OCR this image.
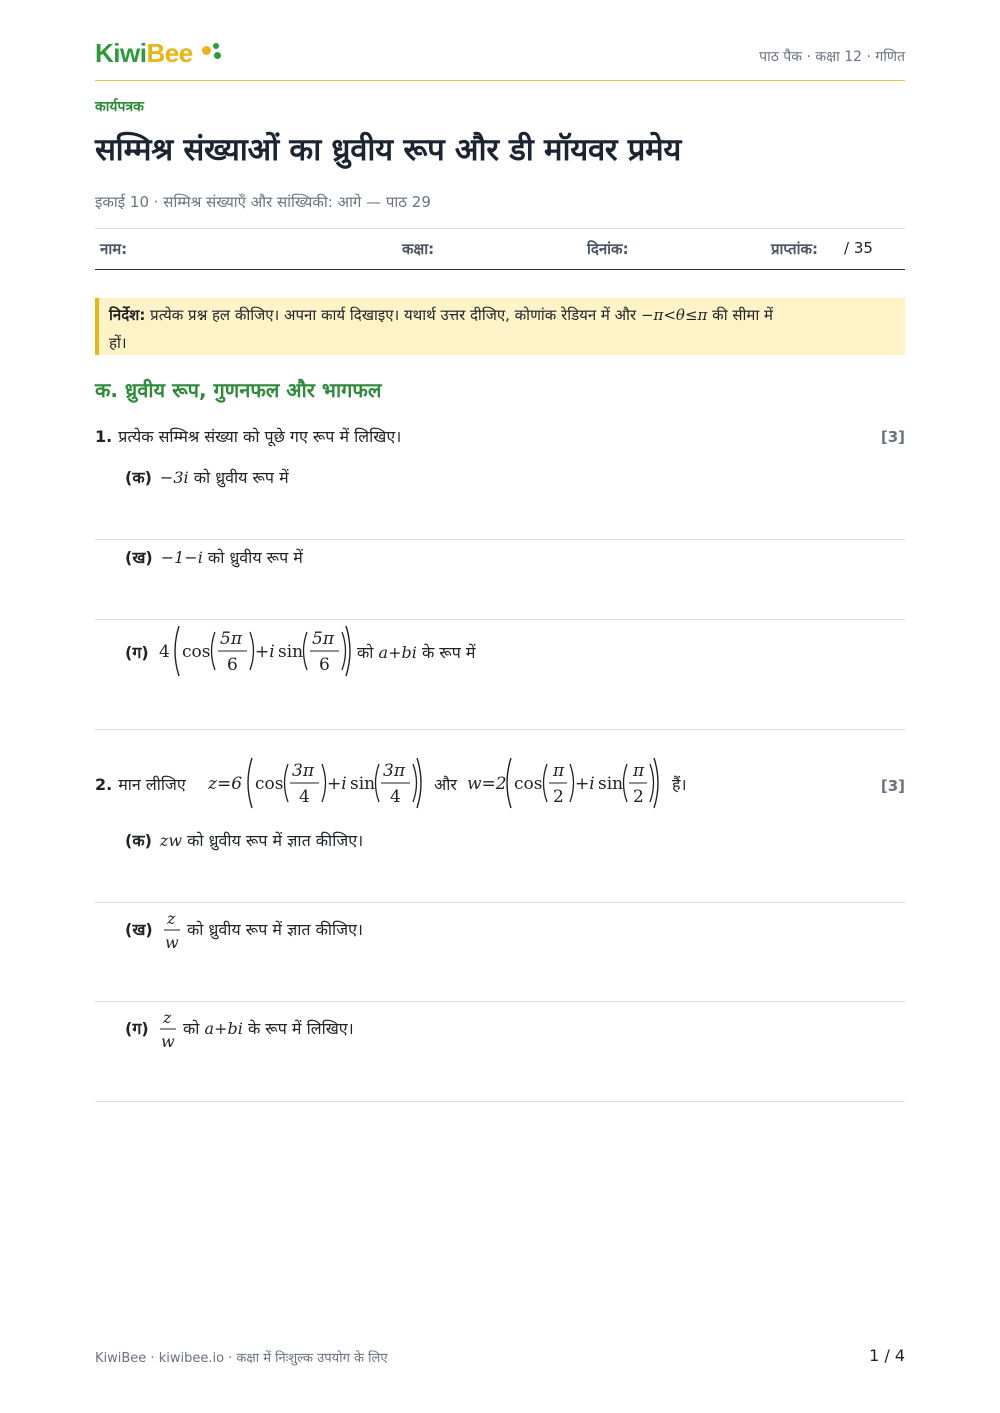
KiwiBee	पाठ पैक · कक्षा 12 · गणित
कार्यपत्रक
सम्मिश्र संख्याओं का ध्रुवीय रूप और डी मॉयवर प्रमेय
इकाई 10 · सम्मिश्र संख्याएँ और सांख्यिकी: आगे — पाठ 29
नाम:	कक्षा:	दिनांक:	प्राप्तांक: / 35
निर्देश: प्रत्येक प्रश्न हल कीजिए। अपना कार्य दिखाइए। यथार्थ उत्तर दीजिए, कोणांक रेडियन में और −π<θ≤π की सीमा में
हों।
क. ध्रुवीय रूप, गुणनफल और भागफल
1. प्रत्येक सम्मिश्र संख्या को पूछे गए रूप में लिखिए।	[3]
(क) −3i को ध्रुवीय रूप में
(ख) −1−i को ध्रुवीय रूप में
(ग) 4 cos
5π
6
+i sin
5π
6
को a+bi के रूप में
2. मान लीजिए z=6 cos
3π
4
+i sin
3π
4
और w=2 cos
π
2
+i sin
π
2
हैं।	[3]
(क) zw को ध्रुवीय रूप में ज्ञात कीजिए।
(ख)
z
w
को ध्रुवीय रूप में ज्ञात कीजिए।
(ग)
z
w
को a+bi के रूप में लिखिए।
KiwiBee · kiwibee.io · कक्षा में निःशुल्क उपयोग के लिए	1 / 4
